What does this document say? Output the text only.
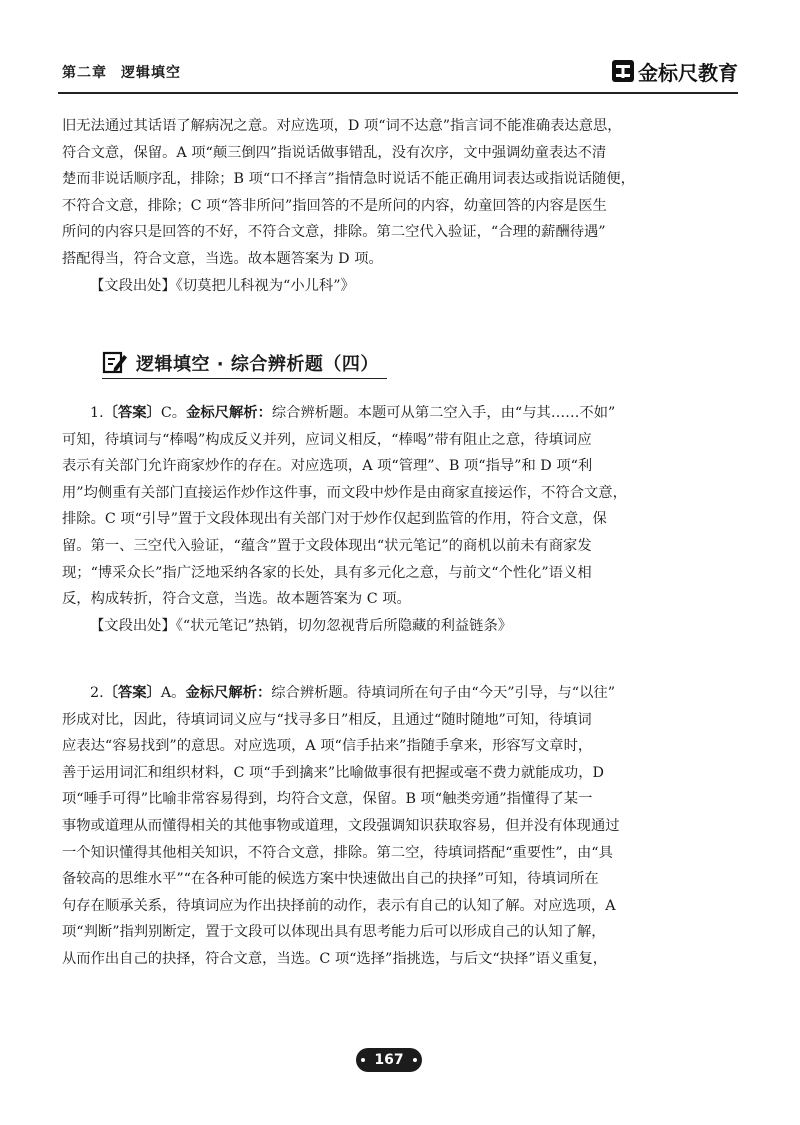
第二章 逻辑填空	金标尺教育
旧无法通过其话语了解病况之意。对应选项，D 项“词不达意”指言词不能准确表达意思，
符合文意，保留。A 项“颠三倒四”指说话做事错乱，没有次序，文中强调幼童表达不清
楚而非说话顺序乱，排除；B 项“口不择言”指情急时说话不能正确用词表达或指说话随便，
不符合文意，排除；C 项“答非所问”指回答的不是所问的内容，幼童回答的内容是医生
所问的内容只是回答的不好，不符合文意，排除。第二空代入验证，“合理的薪酬待遇”
搭配得当，符合文意，当选。故本题答案为 D 项。
【文段出处】《切莫把儿科视为“小儿科”》
逻辑填空 · 综合辨析题（四）
1.〔答案〕C。金标尺解析：综合辨析题。本题可从第二空入手，由“与其……不如”
可知，待填词与“棒喝”构成反义并列，应词义相反，“棒喝”带有阻止之意，待填词应
表示有关部门允许商家炒作的存在。对应选项，A 项“管理”、B 项“指导”和 D 项“利
用”均侧重有关部门直接运作炒作这件事，而文段中炒作是由商家直接运作，不符合文意，
排除。C 项“引导”置于文段体现出有关部门对于炒作仅起到监管的作用，符合文意，保
留。第一、三空代入验证，“蕴含”置于文段体现出“状元笔记”的商机以前未有商家发
现；“博采众长”指广泛地采纳各家的长处，具有多元化之意，与前文“个性化”语义相
反，构成转折，符合文意，当选。故本题答案为 C 项。
【文段出处】《“状元笔记”热销，切勿忽视背后所隐藏的利益链条》
2.〔答案〕A。金标尺解析：综合辨析题。待填词所在句子由“今天”引导，与“以往”
形成对比，因此，待填词词义应与“找寻多日”相反，且通过“随时随地”可知，待填词
应表达“容易找到”的意思。对应选项，A 项“信手拈来”指随手拿来，形容写文章时，
善于运用词汇和组织材料，C 项“手到擒来”比喻做事很有把握或毫不费力就能成功，D
项“唾手可得”比喻非常容易得到，均符合文意，保留。B 项“触类旁通”指懂得了某一
事物或道理从而懂得相关的其他事物或道理，文段强调知识获取容易，但并没有体现通过
一个知识懂得其他相关知识，不符合文意，排除。第二空，待填词搭配“重要性”，由“具
备较高的思维水平”“在各种可能的候选方案中快速做出自己的抉择”可知，待填词所在
句存在顺承关系，待填词应为作出抉择前的动作，表示有自己的认知了解。对应选项，A
项“判断”指判别断定，置于文段可以体现出具有思考能力后可以形成自己的认知了解，
从而作出自己的抉择，符合文意，当选。C 项“选择”指挑选，与后文“抉择”语义重复，
167
